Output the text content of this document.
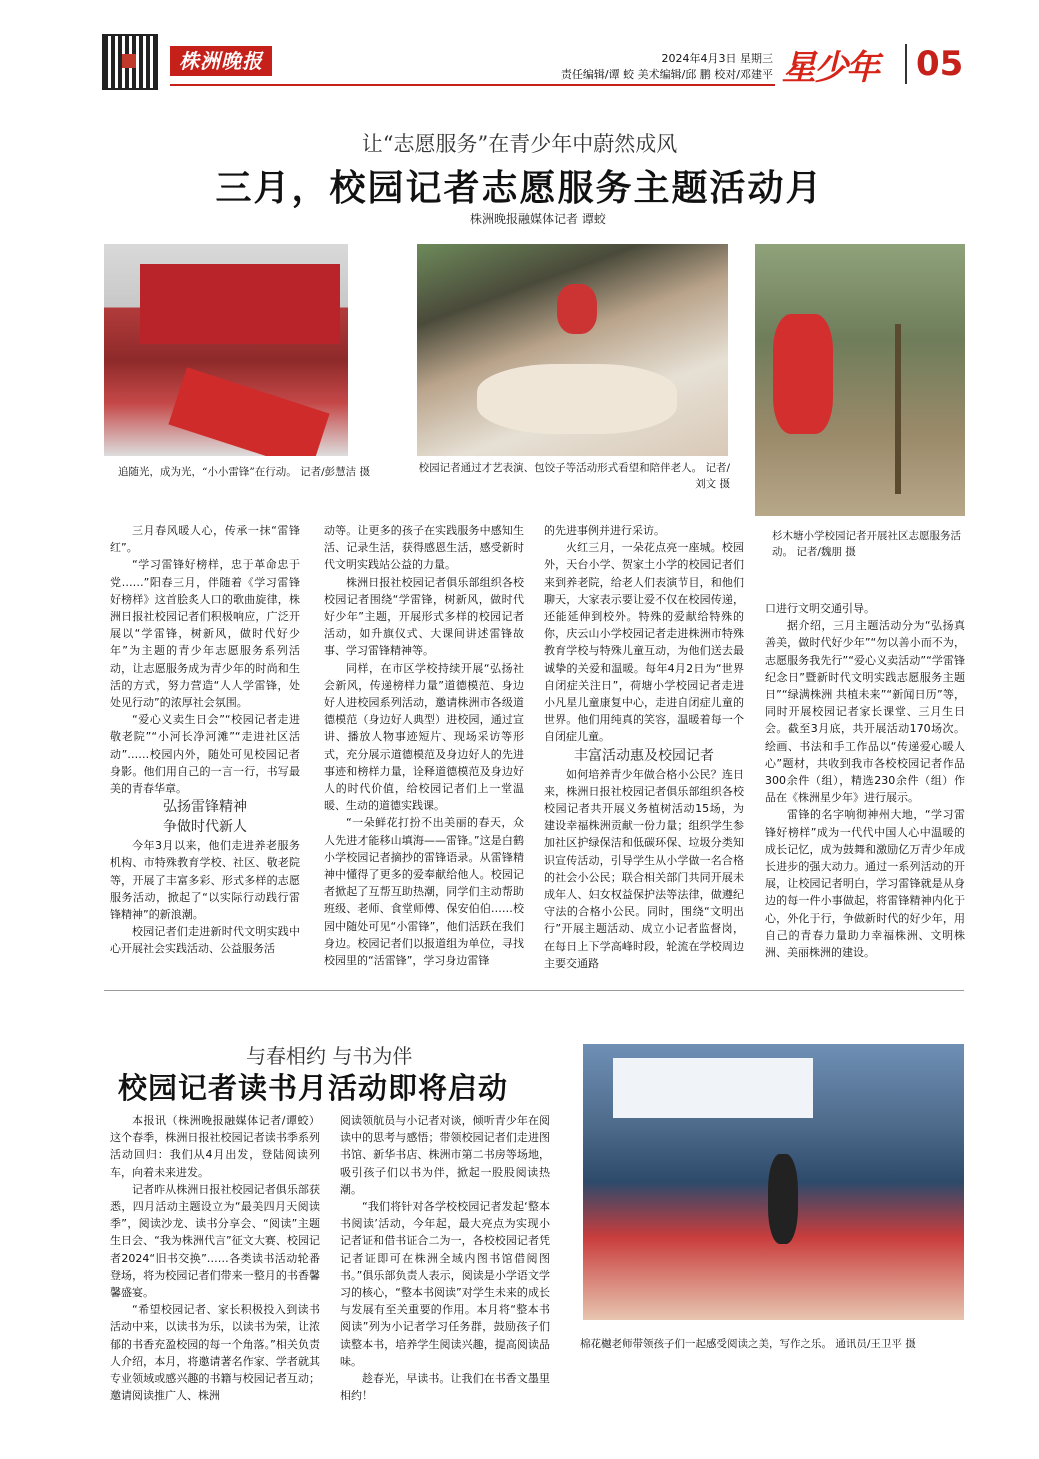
株洲晚报	2024年4月3日 星期三
责任编辑/谭 蛟 美术编辑/邱 鹏 校对/邓建平 星少年 05
让“志愿服务”在青少年中蔚然成风
三月，校园记者志愿服务主题活动月
株洲晚报融媒体记者 谭蛟
追随光，成为光，“小小雷锋”在行动。 记者/彭慧洁 摄	校园记者通过才艺表演、包饺子等活动形式看望和陪伴老人。 记者/刘文 摄
杉木塘小学校园记者开展社区志愿服务活动。 记者/魏朋 摄

三月春风暖人心，传承一抹“雷锋红”。

“学习雷锋好榜样，忠于革命忠于党……”阳春三月，伴随着《学习雷锋好榜样》这首脍炙人口的歌曲旋律，株洲日报社校园记者们积极响应，广泛开展以“学雷锋，树新风，做时代好少年”为主题的青少年志愿服务系列活动，让志愿服务成为青少年的时尚和生活的方式，努力营造“人人学雷锋，处处见行动”的浓厚社会氛围。

“爱心义卖生日会”“校园记者走进敬老院”“小河长净河滩”“走进社区活动”……校园内外，随处可见校园记者身影。他们用自己的一言一行，书写最美的青春华章。

弘扬雷锋精神
争做时代新人

今年3月以来，他们走进养老服务机构、市特殊教育学校、社区、敬老院等，开展了丰富多彩、形式多样的志愿服务活动，掀起了“以实际行动践行雷锋精神”的新浪潮。

校园记者们走进新时代文明实践中心开展社会实践活动、公益服务活

动等。让更多的孩子在实践服务中感知生活、记录生活，获得感恩生活，感受新时代文明实践站公益的力量。

株洲日报社校园记者俱乐部组织各校校园记者围绕“学雷锋，树新风，做时代好少年”主题，开展形式多样的校园记者活动，如升旗仪式、大课间讲述雷锋故事、学习雷锋精神等。

同样，在市区学校持续开展“弘扬社会新风，传递榜样力量”道德模范、身边好人进校园系列活动，邀请株洲市各级道德模范（身边好人典型）进校园，通过宣讲、播放人物事迹短片、现场采访等形式，充分展示道德模范及身边好人的先进事迹和榜样力量，诠释道德模范及身边好人的时代价值，给校园记者们上一堂温暖、生动的道德实践课。

“一朵鲜花打扮不出美丽的春天，众人先进才能移山填海——雷锋。”这是白鹤小学校园记者摘抄的雷锋语录。从雷锋精神中懂得了更多的爱奉献给他人。校园记者掀起了互帮互助热潮，同学们主动帮助班级、老师、食堂师傅、保安伯伯……校园中随处可见“小雷锋”，他们活跃在我们身边。校园记者们以报道组为单位，寻找校园里的“活雷锋”，学习身边雷锋

的先进事例并进行采访。

火红三月，一朵花点亮一座城。校园外，天台小学、贺家土小学的校园记者们来到养老院，给老人们表演节目，和他们聊天，大家表示要让爱不仅在校园传递，还能延伸到校外。特殊的爱献给特殊的你，庆云山小学校园记者走进株洲市特殊教育学校与特殊儿童互动，为他们送去最诚挚的关爱和温暖。每年4月2日为“世界自闭症关注日”，荷塘小学校园记者走进小凡星儿童康复中心，走进自闭症儿童的世界。他们用纯真的笑容，温暖着每一个自闭症儿童。

丰富活动惠及校园记者

如何培养青少年做合格小公民？连日来，株洲日报社校园记者俱乐部组织各校校园记者共开展义务植树活动15场，为建设幸福株洲贡献一份力量；组织学生参加社区护绿保洁和低碳环保、垃圾分类知识宣传活动，引导学生从小学做一名合格的社会小公民；联合相关部门共同开展未成年人、妇女权益保护法等法律，做遵纪守法的合格小公民。同时，围绕“文明出行”开展主题活动、成立小记者监督岗，在每日上下学高峰时段，轮流在学校周边主要交通路

口进行文明交通引导。

据介绍，三月主题活动分为“弘扬真善美，做时代好少年”“勿以善小而不为，志愿服务我先行”“爱心义卖活动”“学雷锋纪念日”暨新时代文明实践志愿服务主题日”“绿满株洲 共植未来”“新闻日历”等，同时开展校园记者家长课堂、三月生日会。截至3月底，共开展活动170场次。绘画、书法和手工作品以“传递爱心暖人心”题材，共收到我市各校校园记者作品300余件（组），精选230余件（组）作品在《株洲星少年》进行展示。

雷锋的名字响彻神州大地，“学习雷锋好榜样”成为一代代中国人心中温暖的成长记忆，成为鼓舞和激励亿万青少年成长进步的强大动力。通过一系列活动的开展，让校园记者明白，学习雷锋就是从身边的每一件小事做起，将雷锋精神内化于心，外化于行，争做新时代的好少年，用自己的青春力量助力幸福株洲、文明株洲、美丽株洲的建设。

与春相约 与书为伴
校园记者读书月活动即将启动

本报讯（株洲晚报融媒体记者/谭蛟） 这个春季，株洲日报社校园记者读书季系列活动回归：我们从4月出发，登陆阅读列车，向着未来进发。

记者昨从株洲日报社校园记者俱乐部获悉，四月活动主题设立为“最美四月天阅读季”，阅读沙龙、读书分享会、“阅读”主题生日会、“我为株洲代言”征文大赛、校园记者2024“旧书交换”……各类读书活动轮番登场，将为校园记者们带来一整月的书香馨馨盛宴。

“希望校园记者、家长积极投入到读书活动中来，以读书为乐，以读书为荣，让浓郁的书香充盈校园的每一个角落。”相关负责人介绍，本月，将邀请著名作家、学者就其专业领域或感兴趣的书籍与校园记者互动；邀请阅读推广人、株洲

阅读领航员与小记者对谈，倾听青少年在阅读中的思考与感悟；带领校园记者们走进图书馆、新华书店、株洲市第二书房等场地，吸引孩子们以书为伴，掀起一股股阅读热潮。

“我们将针对各学校校园记者发起‘整本书阅读’活动，今年起，最大亮点为实现小记者证和借书证合二为一，各校校园记者凭记者证即可在株洲全域内图书馆借阅图书。”俱乐部负责人表示，阅读是小学语文学习的核心，“整本书阅读”对学生未来的成长与发展有至关重要的作用。本月将“整本书阅读”列为小记者学习任务群，鼓励孩子们读整本书，培养学生阅读兴趣，提高阅读品味。

趁春光，早读书。让我们在书香文墨里相约！

棉花樾老师带领孩子们一起感受阅读之美，写作之乐。 通讯员/王卫平 摄
